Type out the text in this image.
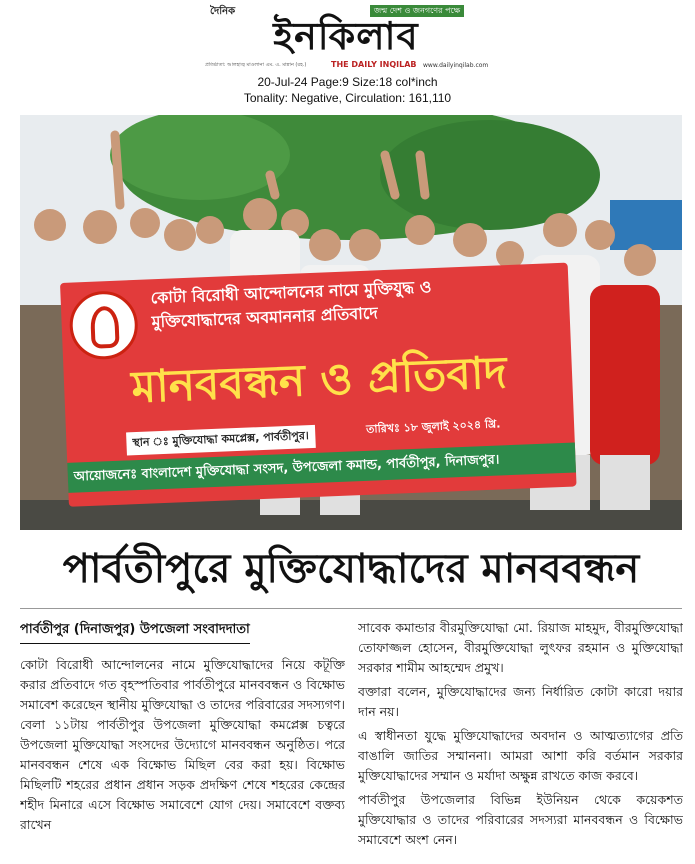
দৈনিক	জন্ম দেশ ও জনগণের পক্ষে
ইনকিলাব
প্রতিষ্ঠাতা: আলহাজ্ব মাওলানা এম. এ. মান্নান (রহ.)	THE DAILY INQILAB www.dailyinqilab.com
20-Jul-24 Page:9 Size:18 col*inch
Tonality: Negative, Circulation: 161,110
কোটা বিরোধী আন্দোলনের নামে মুক্তিযুদ্ধ ও
মুক্তিযোদ্ধাদের অবমাননার প্রতিবাদে
মানববন্ধন ও প্রতিবাদ
স্থান ঃ মুক্তিযোদ্ধা কমপ্লেক্স, পার্বতীপুর।
তারিখঃ ১৮ জুলাই ২০২৪ খ্রি.
আয়োজনেঃ বাংলাদেশ মুক্তিযোদ্ধা সংসদ, উপজেলা কমান্ড, পার্বতীপুর, দিনাজপুর।
পার্বতীপুরে মুক্তিযোদ্ধাদের মানববন্ধন
পার্বতীপুর (দিনাজপুর) উপজেলা সংবাদদাতা

কোটা বিরোধী আন্দোলনের নামে মুক্তিযোদ্ধাদের নিয়ে কটূক্তি করার প্রতিবাদে গত বৃহস্পতিবার পার্বতীপুরে মানববন্ধন ও বিক্ষোভ সমাবেশ করেছেন স্থানীয় মুক্তিযোদ্ধা ও তাদের পরিবারের সদস্যগণ। বেলা ১১টায় পার্বতীপুর উপজেলা মুক্তিযোদ্ধা কমপ্লেক্স চত্বরে উপজেলা মুক্তিযোদ্ধা সংসদের উদ্যোগে মানববন্ধন অনুষ্ঠিত। পরে মানববন্ধন শেষে এক বিক্ষোভ মিছিল বের করা হয়। বিক্ষোভ মিছিলটি শহরের প্রধান প্রধান সড়ক প্রদক্ষিণ শেষে শহরের কেন্দ্রের শহীদ মিনারে এসে বিক্ষোভ সমাবেশে যোগ দেয়। সমাবেশে বক্তব্য রাখেন

সাবেক কমান্ডার বীরমুক্তিযোদ্ধা মো. রিয়াজ মাহমুদ, বীরমুক্তিযোদ্ধা তোফাজ্জল হোসেন, বীরমুক্তিযোদ্ধা লুৎফর রহমান ও মুক্তিযোদ্ধা সরকার শামীম আহম্মেদ প্রমুখ।

বক্তারা বলেন, মুক্তিযোদ্ধাদের জন্য নির্ধারিত কোটা কারো দয়ার দান নয়।

এ স্বাধীনতা যুদ্ধে মুক্তিযোদ্ধাদের অবদান ও আত্মত্যাগের প্রতি বাঙালি জাতির সম্মাননা। আমরা আশা করি বর্তমান সরকার মুক্তিযোদ্ধাদের সম্মান ও মর্যাদা অক্ষুন্ন রাখতে কাজ করবে।

পার্বতীপুর উপজেলার বিভিন্ন ইউনিয়ন থেকে কয়েকশত মুক্তিযোদ্ধার ও তাদের পরিবারের সদস্যরা মানববন্ধন ও বিক্ষোভ সমাবেশে অংশ নেন।
